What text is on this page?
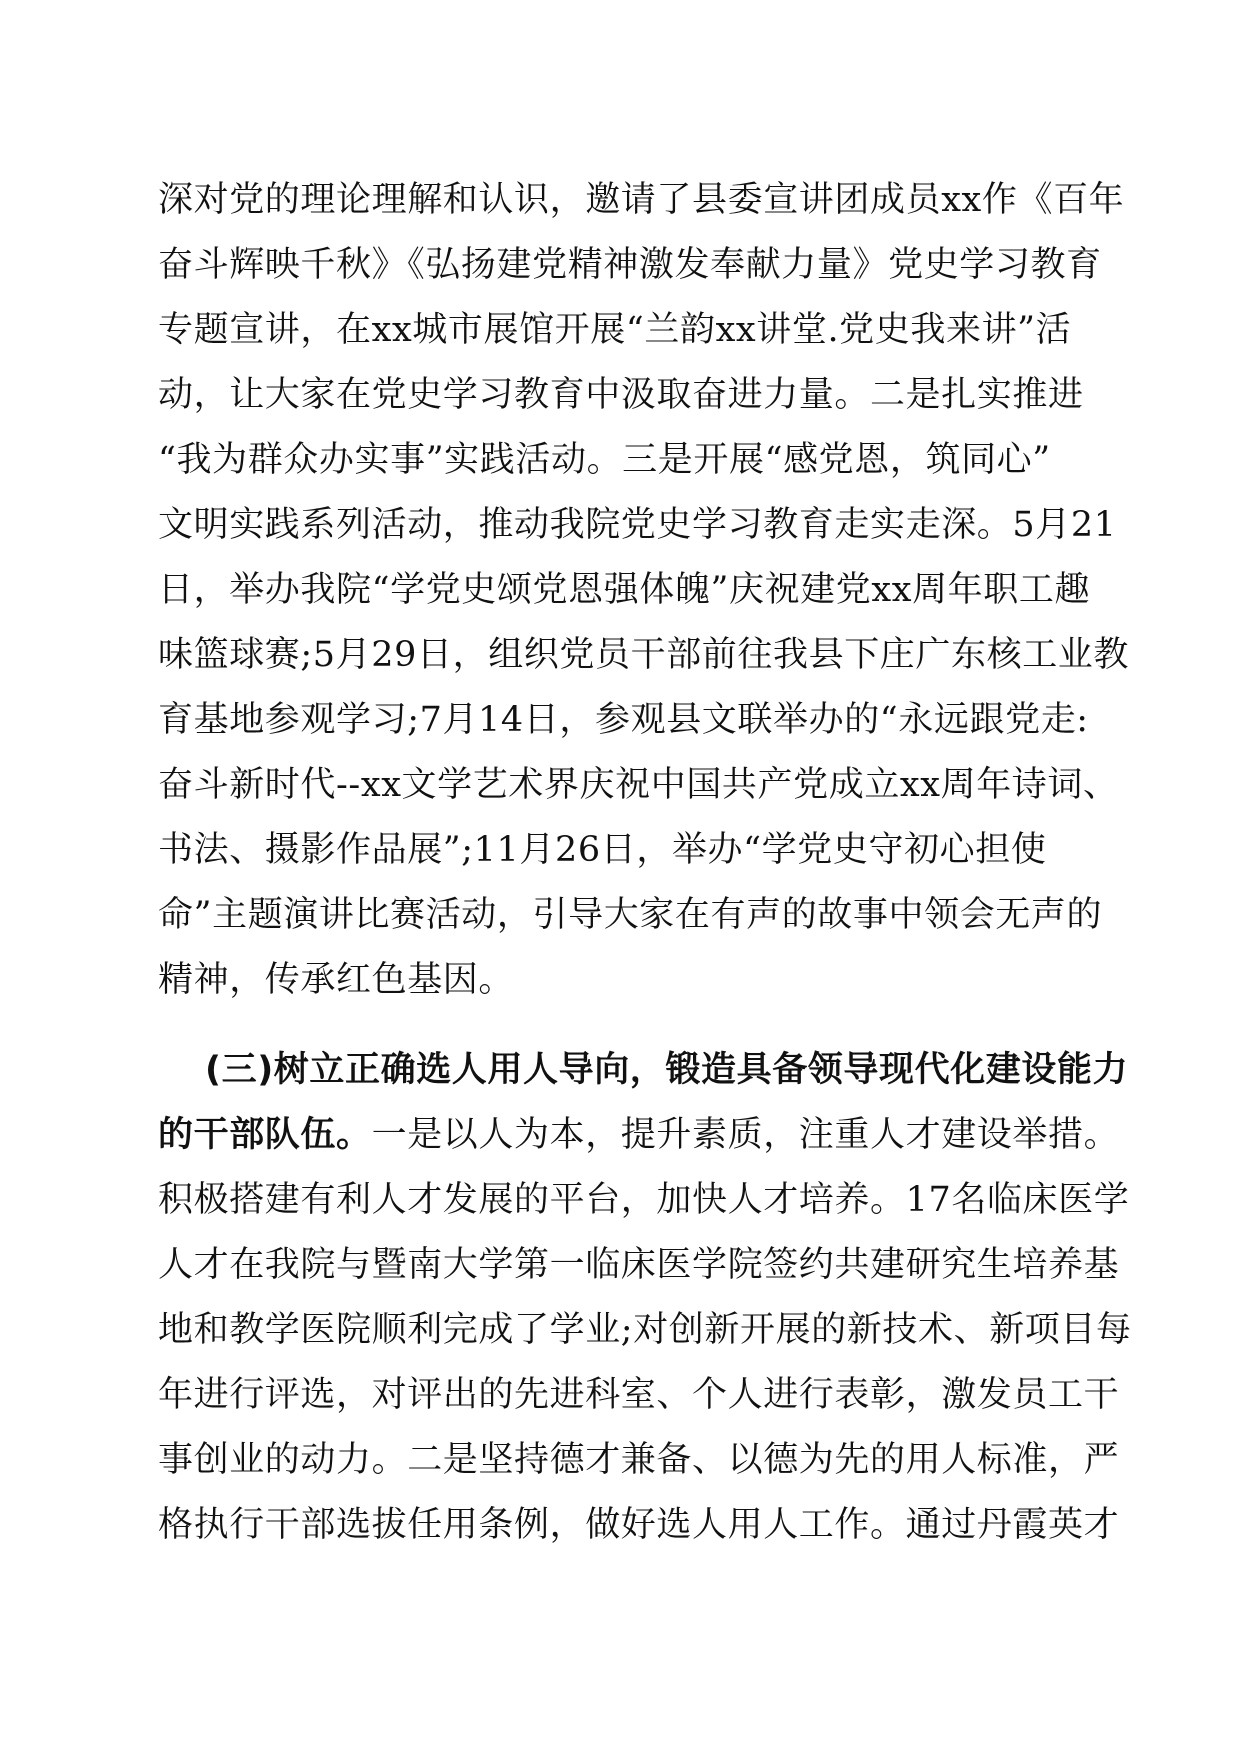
深对党的理论理解和认识，邀请了县委宣讲团成员xx作《百年
奋斗辉映千秋》《弘扬建党精神激发奉献力量》党史学习教育
专题宣讲，在xx城市展馆开展“兰韵xx讲堂.党史我来讲”活
动，让大家在党史学习教育中汲取奋进力量。二是扎实推进
“我为群众办实事”实践活动。三是开展“感党恩，筑同心”
文明实践系列活动，推动我院党史学习教育走实走深。5月21
日，举办我院“学党史颂党恩强体魄”庆祝建党xx周年职工趣
味篮球赛;5月29日，组织党员干部前往我县下庄广东核工业教
育基地参观学习;7月14日，参观县文联举办的“永远跟党走:
奋斗新时代--xx文学艺术界庆祝中国共产党成立xx周年诗词、
书法、摄影作品展”;11月26日，举办“学党史守初心担使
命”主题演讲比赛活动，引导大家在有声的故事中领会无声的
精神，传承红色基因。
(三)树立正确选人用人导向，锻造具备领导现代化建设能力
的干部队伍。一是以人为本，提升素质，注重人才建设举措。
积极搭建有利人才发展的平台，加快人才培养。17名临床医学
人才在我院与暨南大学第一临床医学院签约共建研究生培养基
地和教学医院顺利完成了学业;对创新开展的新技术、新项目每
年进行评选，对评出的先进科室、个人进行表彰，激发员工干
事创业的动力。二是坚持德才兼备、以德为先的用人标准，严
格执行干部选拔任用条例，做好选人用人工作。通过丹霞英才
